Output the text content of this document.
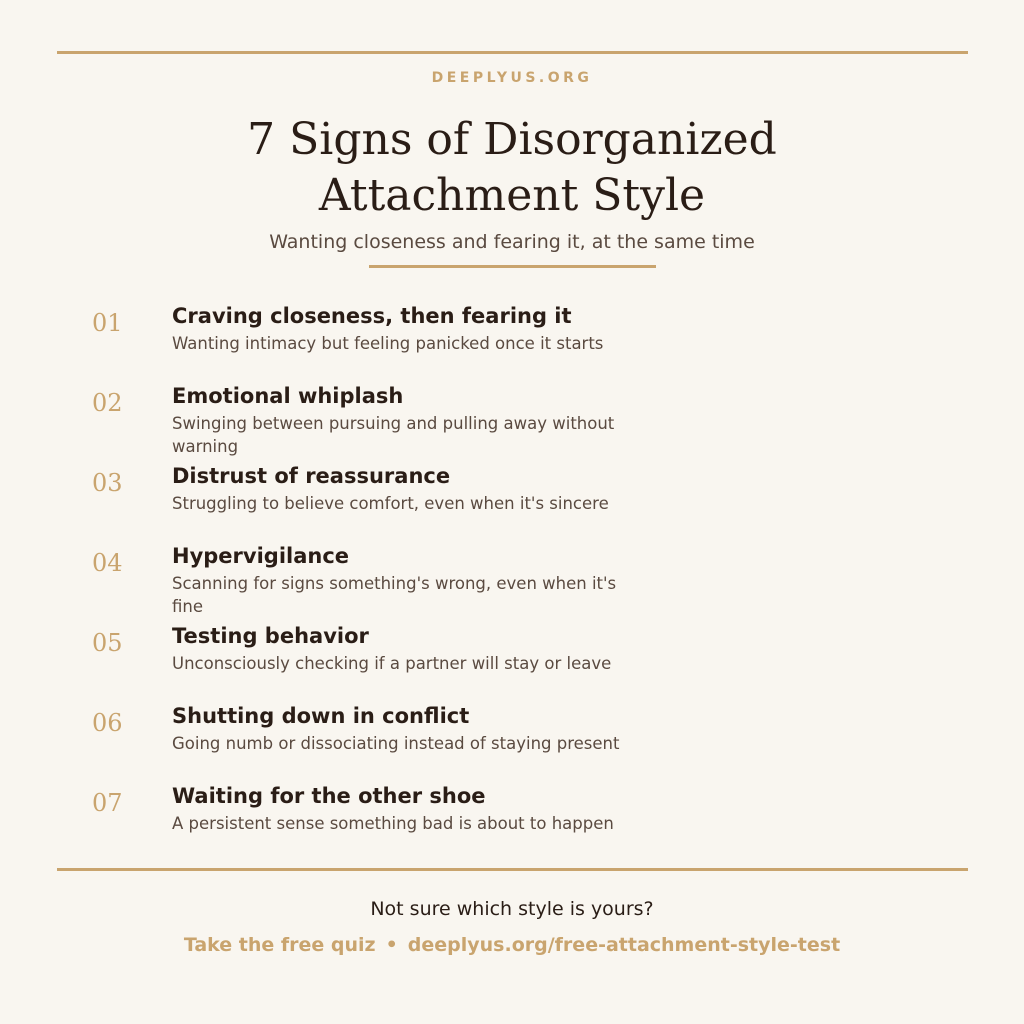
DEEPLYUS.ORG
7 Signs of Disorganized
Attachment Style
Wanting closeness and fearing it, at the same time
01 Craving closeness, then fearing it
Wanting intimacy but feeling panicked once it starts
02 Emotional whiplash
Swinging between pursuing and pulling away without warning
03 Distrust of reassurance
Struggling to believe comfort, even when it's sincere
04 Hypervigilance
Scanning for signs something's wrong, even when it's fine
05 Testing behavior
Unconsciously checking if a partner will stay or leave
06 Shutting down in conflict
Going numb or dissociating instead of staying present
07 Waiting for the other shoe
A persistent sense something bad is about to happen
Not sure which style is yours?
Take the free quiz • deeplyus.org/free-attachment-style-test
